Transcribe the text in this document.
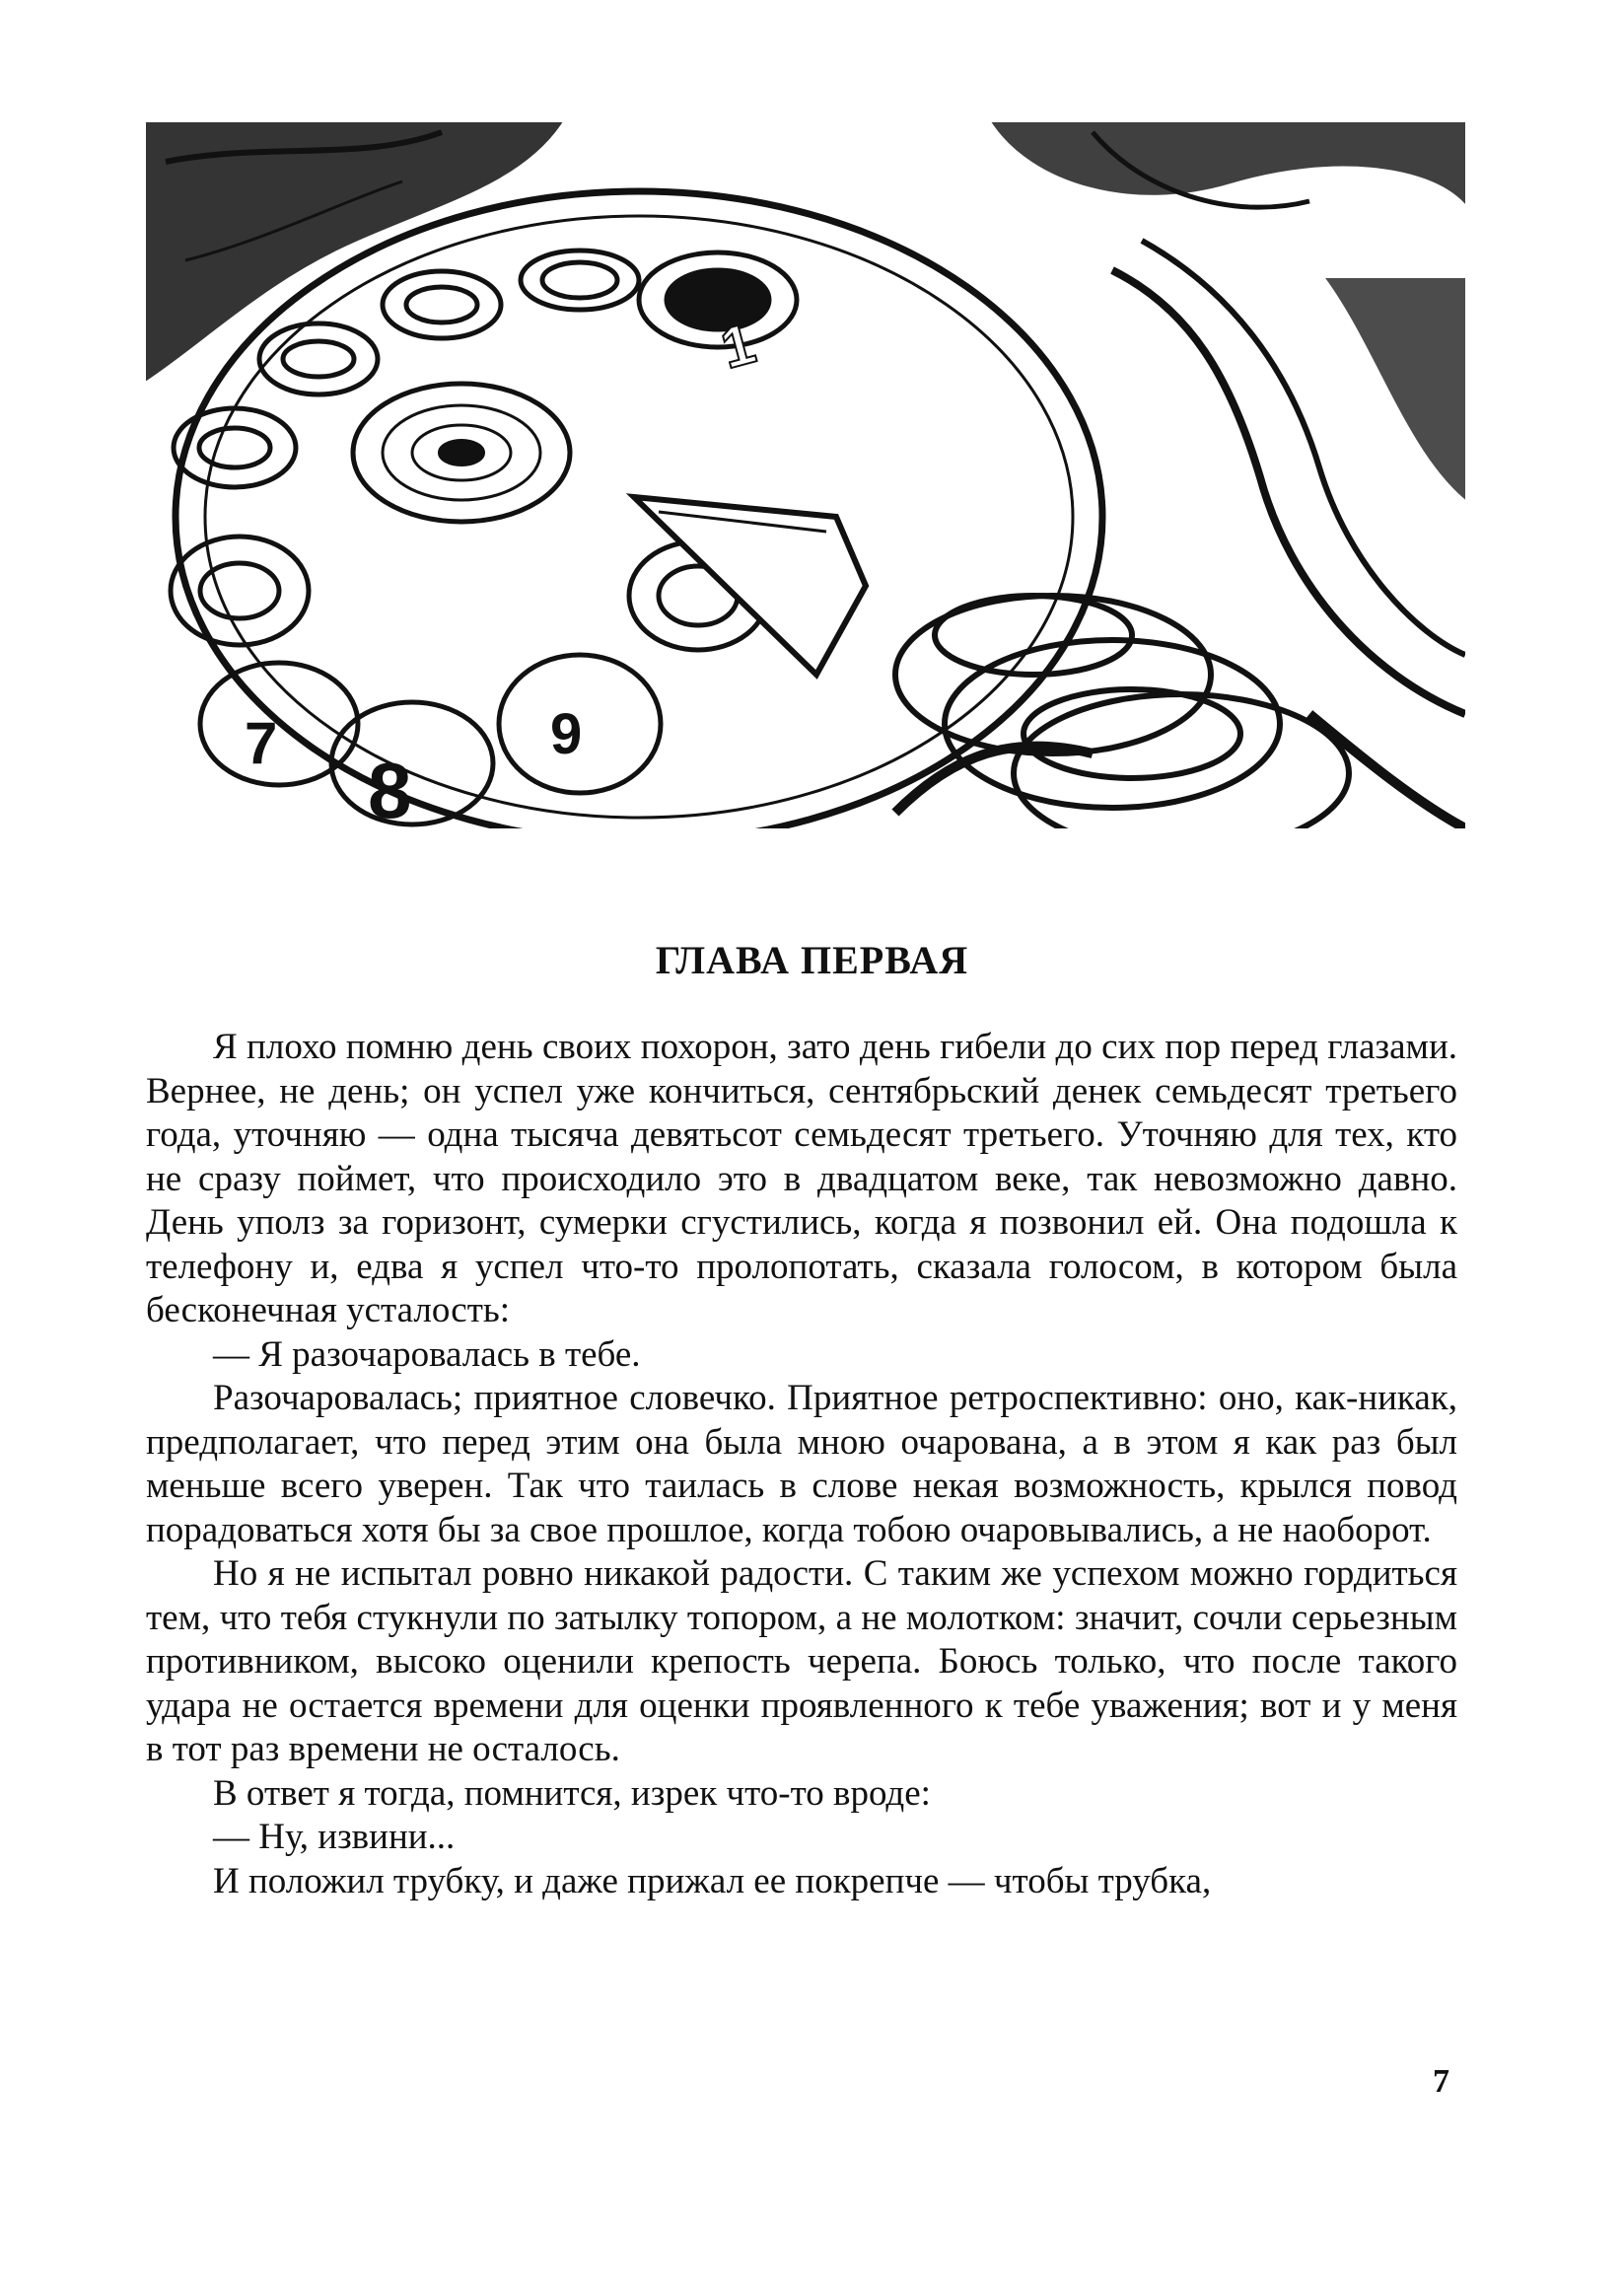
1
7
8
9
ГЛАВА ПЕРВАЯ

Я плохо помню день своих похорон, зато день гибели до сих пор перед глазами. Вернее, не день; он успел уже кончиться, сентябрьский денек семьдесят третьего года, уточняю — одна тысяча девятьсот семьдесят третьего. Уточняю для тех, кто не сразу поймет, что происходило это в двадцатом веке, так невозможно давно. День уполз за горизонт, сумерки сгустились, когда я позвонил ей. Она подошла к телефону и, едва я успел что-то пролопотать, сказала голосом, в котором была бесконечная усталость:

— Я разочаровалась в тебе.

Разочаровалась; приятное словечко. Приятное ретроспективно: оно, как-никак, предполагает, что перед этим она была мною очарована, а в этом я как раз был меньше всего уверен. Так что таилась в слове некая возможность, крылся повод порадоваться хотя бы за свое прошлое, когда тобою очаровывались, а не наоборот.

Но я не испытал ровно никакой радости. С таким же успехом можно гордиться тем, что тебя стукнули по затылку топором, а не молотком: значит, сочли серьезным противником, высоко оценили крепость черепа. Боюсь только, что после такого удара не остается времени для оценки проявленного к тебе уважения; вот и у меня в тот раз времени не осталось.

В ответ я тогда, помнится, изрек что-то вроде:

— Ну, извини...

И положил трубку, и даже прижал ее покрепче — чтобы трубка,

7
